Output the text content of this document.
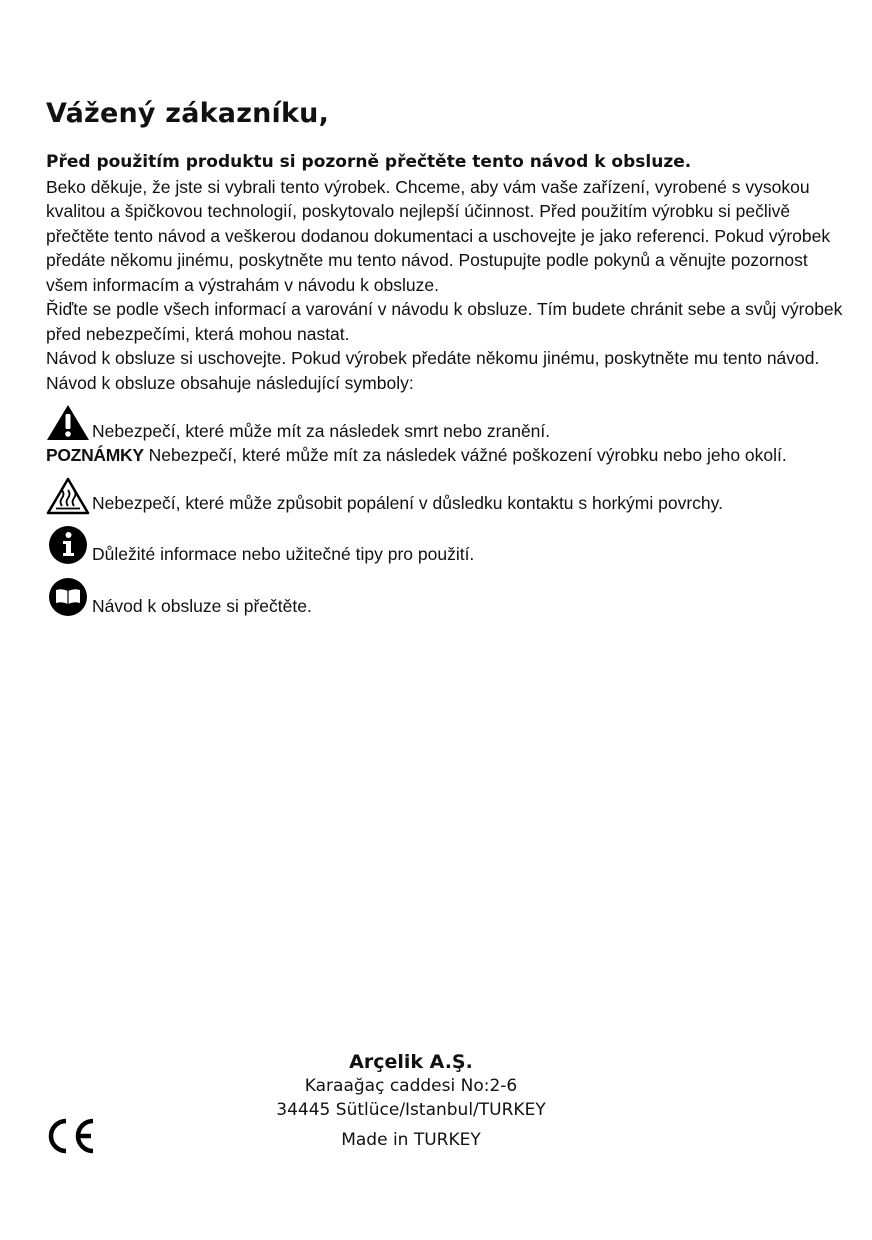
Vážený zákazníku,

Před použitím produktu si pozorně přečtěte tento návod k obsluze.

Beko děkuje, že jste si vybrali tento výrobek. Chceme, aby vám vaše zařízení, vyrobené s vysokou kvalitou a špičkovou technologií, poskytovalo nejlepší účinnost. Před použitím výrobku si pečlivě přečtěte tento návod a veškerou dodanou dokumentaci a uschovejte je jako referenci. Pokud výrobek předáte někomu jinému, poskytněte mu tento návod. Postupujte podle pokynů a věnujte pozornost všem informacím a výstrahám v návodu k obsluze.

Řiďte se podle všech informací a varování v návodu k obsluze. Tím budete chránit sebe a svůj výrobek před nebezpečími, která mohou nastat.

Návod k obsluze si uschovejte. Pokud výrobek předáte někomu jinému, poskytněte mu tento návod.

Návod k obsluze obsahuje následující symboly:

Nebezpečí, které může mít za následek smrt nebo zranění.

POZNÁMKY Nebezpečí, které může mít za následek vážné poškození výrobku nebo jeho okolí.

Nebezpečí, které může způsobit popálení v důsledku kontaktu s horkými povrchy.
Důležité informace nebo užitečné tipy pro použití.
Návod k obsluze si přečtěte.
Arçelik A.Ş.
Karaağaç caddesi No:2-6
34445 Sütlüce/Istanbul/TURKEY
Made in TURKEY
